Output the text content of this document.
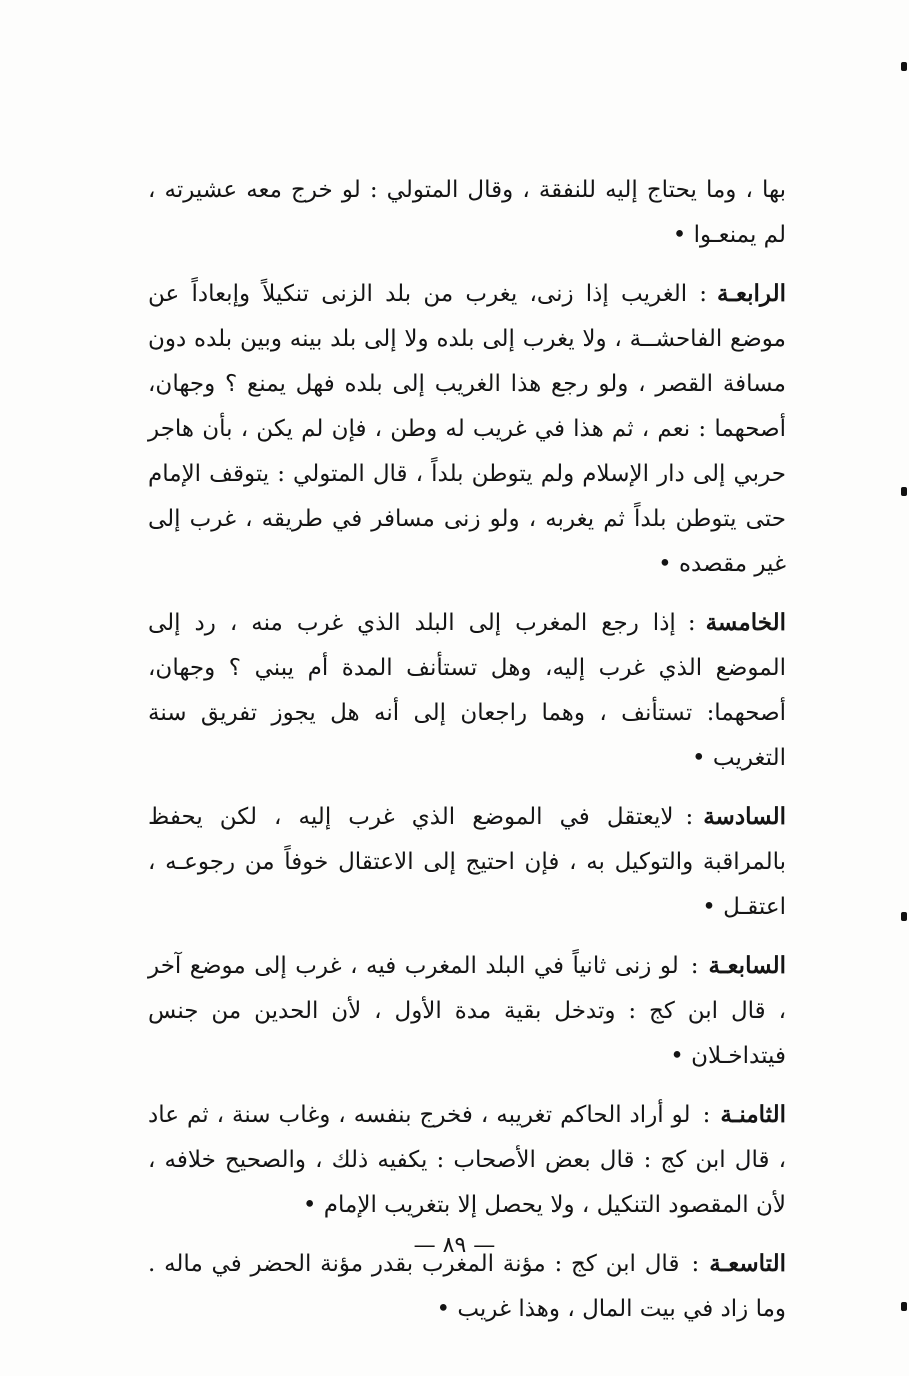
بها ، وما يحتاج إليه للنفقة ، وقال المتولي : لو خرج معه عشيرته ، لم يمنعـوا •

الرابعـة:الغريب إذا زنى، يغرب من بلد الزنى تنكيلاً وإبعاداً عن موضع الفاحشــة ، ولا يغرب إلى بلده ولا إلى بلد بينه وبين بلده دون مسافة القصر ، ولو رجع هذا الغريب إلى بلده فهل يمنع ؟ وجهان، أصحهما : نعم ، ثم هذا في غريب له وطن ، فإن لم يكن ، بأن هاجر حربي إلى دار الإسلام ولم يتوطن بلداً ، قال المتولي : يتوقف الإمام حتى يتوطن بلداً ثم يغربه ، ولو زنى مسافر في طريقه ، غرب إلى غير مقصده •

الخامسة:إذا رجع المغرب إلى البلد الذي غرب منه ، رد إلى الموضع الذي غرب إليه، وهل تستأنف المدة أم يبني ؟ وجهان، أصحهما: تستأنف ، وهما راجعان إلى أنه هل يجوز تفريق سنة التغريب •

السادسة:لايعتقل في الموضع الذي غرب إليه ، لكن يحفظ بالمراقبة والتوكيل به ، فإن احتيج إلى الاعتقال خوفاً من رجوعـه ، اعتقـل •

السابعـة:لو زنى ثانياً في البلد المغرب فيه ، غرب إلى موضع آخر ، قال ابن كج : وتدخل بقية مدة الأول ، لأن الحدين من جنس فيتداخـلان •

الثامنـة:لو أراد الحاكم تغريبه ، فخرج بنفسه ، وغاب سنة ، ثم عاد ، قال ابن كج : قال بعض الأصحاب : يكفيه ذلك ، والصحيح خلافه ، لأن المقصود التنكيل ، ولا يحصل إلا بتغريب الإمام •

التاسعـة:قال ابن كج : مؤنة المغرب بقدر مؤنة الحضر في ماله . وما زاد في بيت المال ، وهذا غريب •

— ٨٩ —
